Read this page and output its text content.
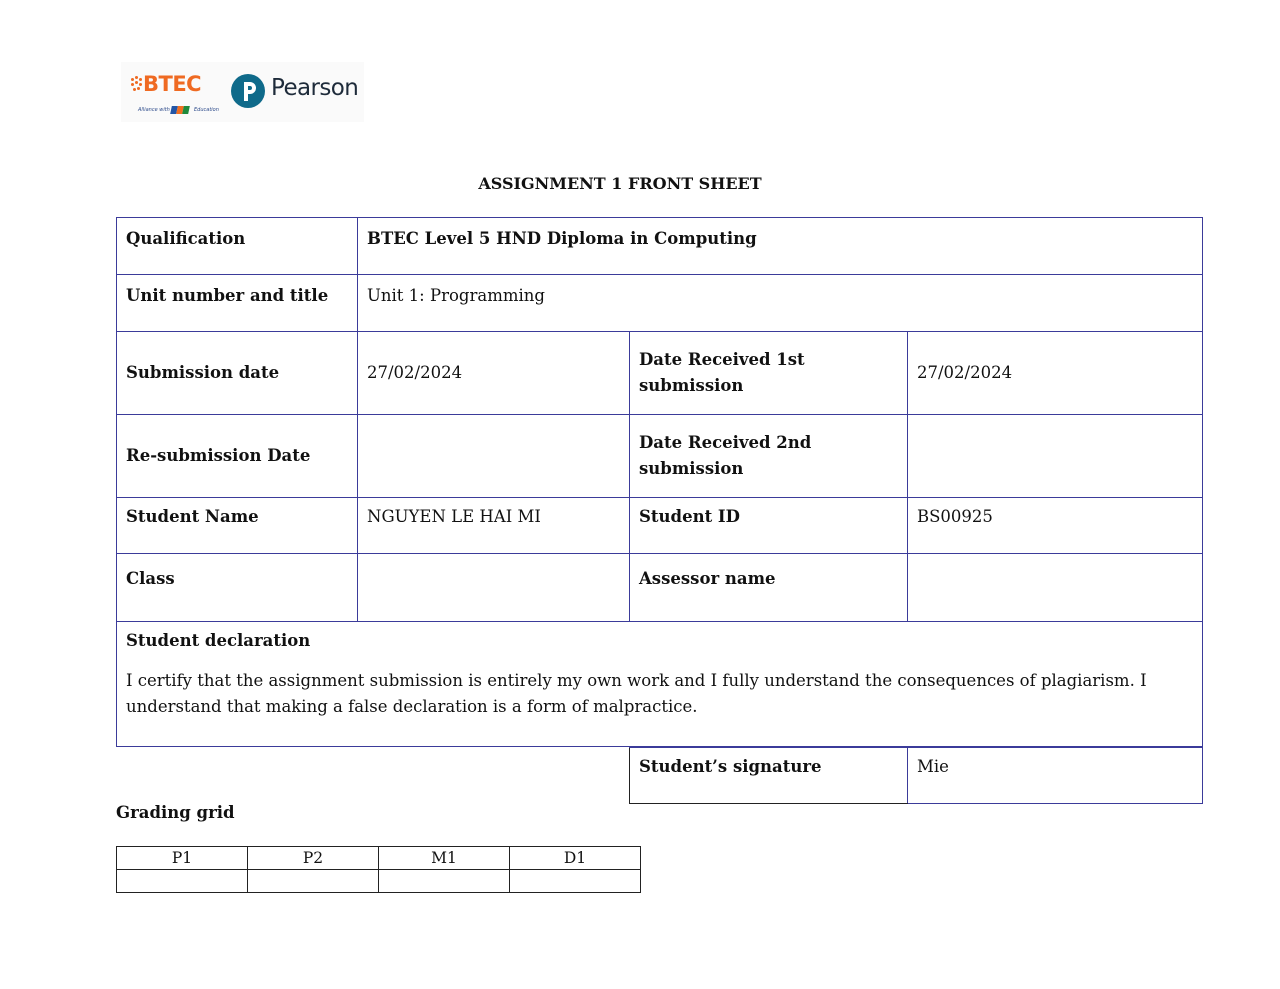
BTEC
Alliance with	Education
Pearson
ASSIGNMENT 1 FRONT SHEET
Qualification	BTEC Level 5 HND Diploma in Computing		
Unit number and title	Unit 1: Programming		
Submission date	27/02/2024	Date Received 1st submission	27/02/2024
Re-submission Date		Date Received 2nd submission	
Student Name	NGUYEN LE HAI MI	Student ID	BS00925
Class		Assessor name	

Student declaration
I certify that the assignment submission is entirely my own work and I fully understand the consequences of plagiarism. I understand that making a false declaration is a form of malpractice.			
Student’s signature	Mie
Grading grid
P1	P2	M1	D1
